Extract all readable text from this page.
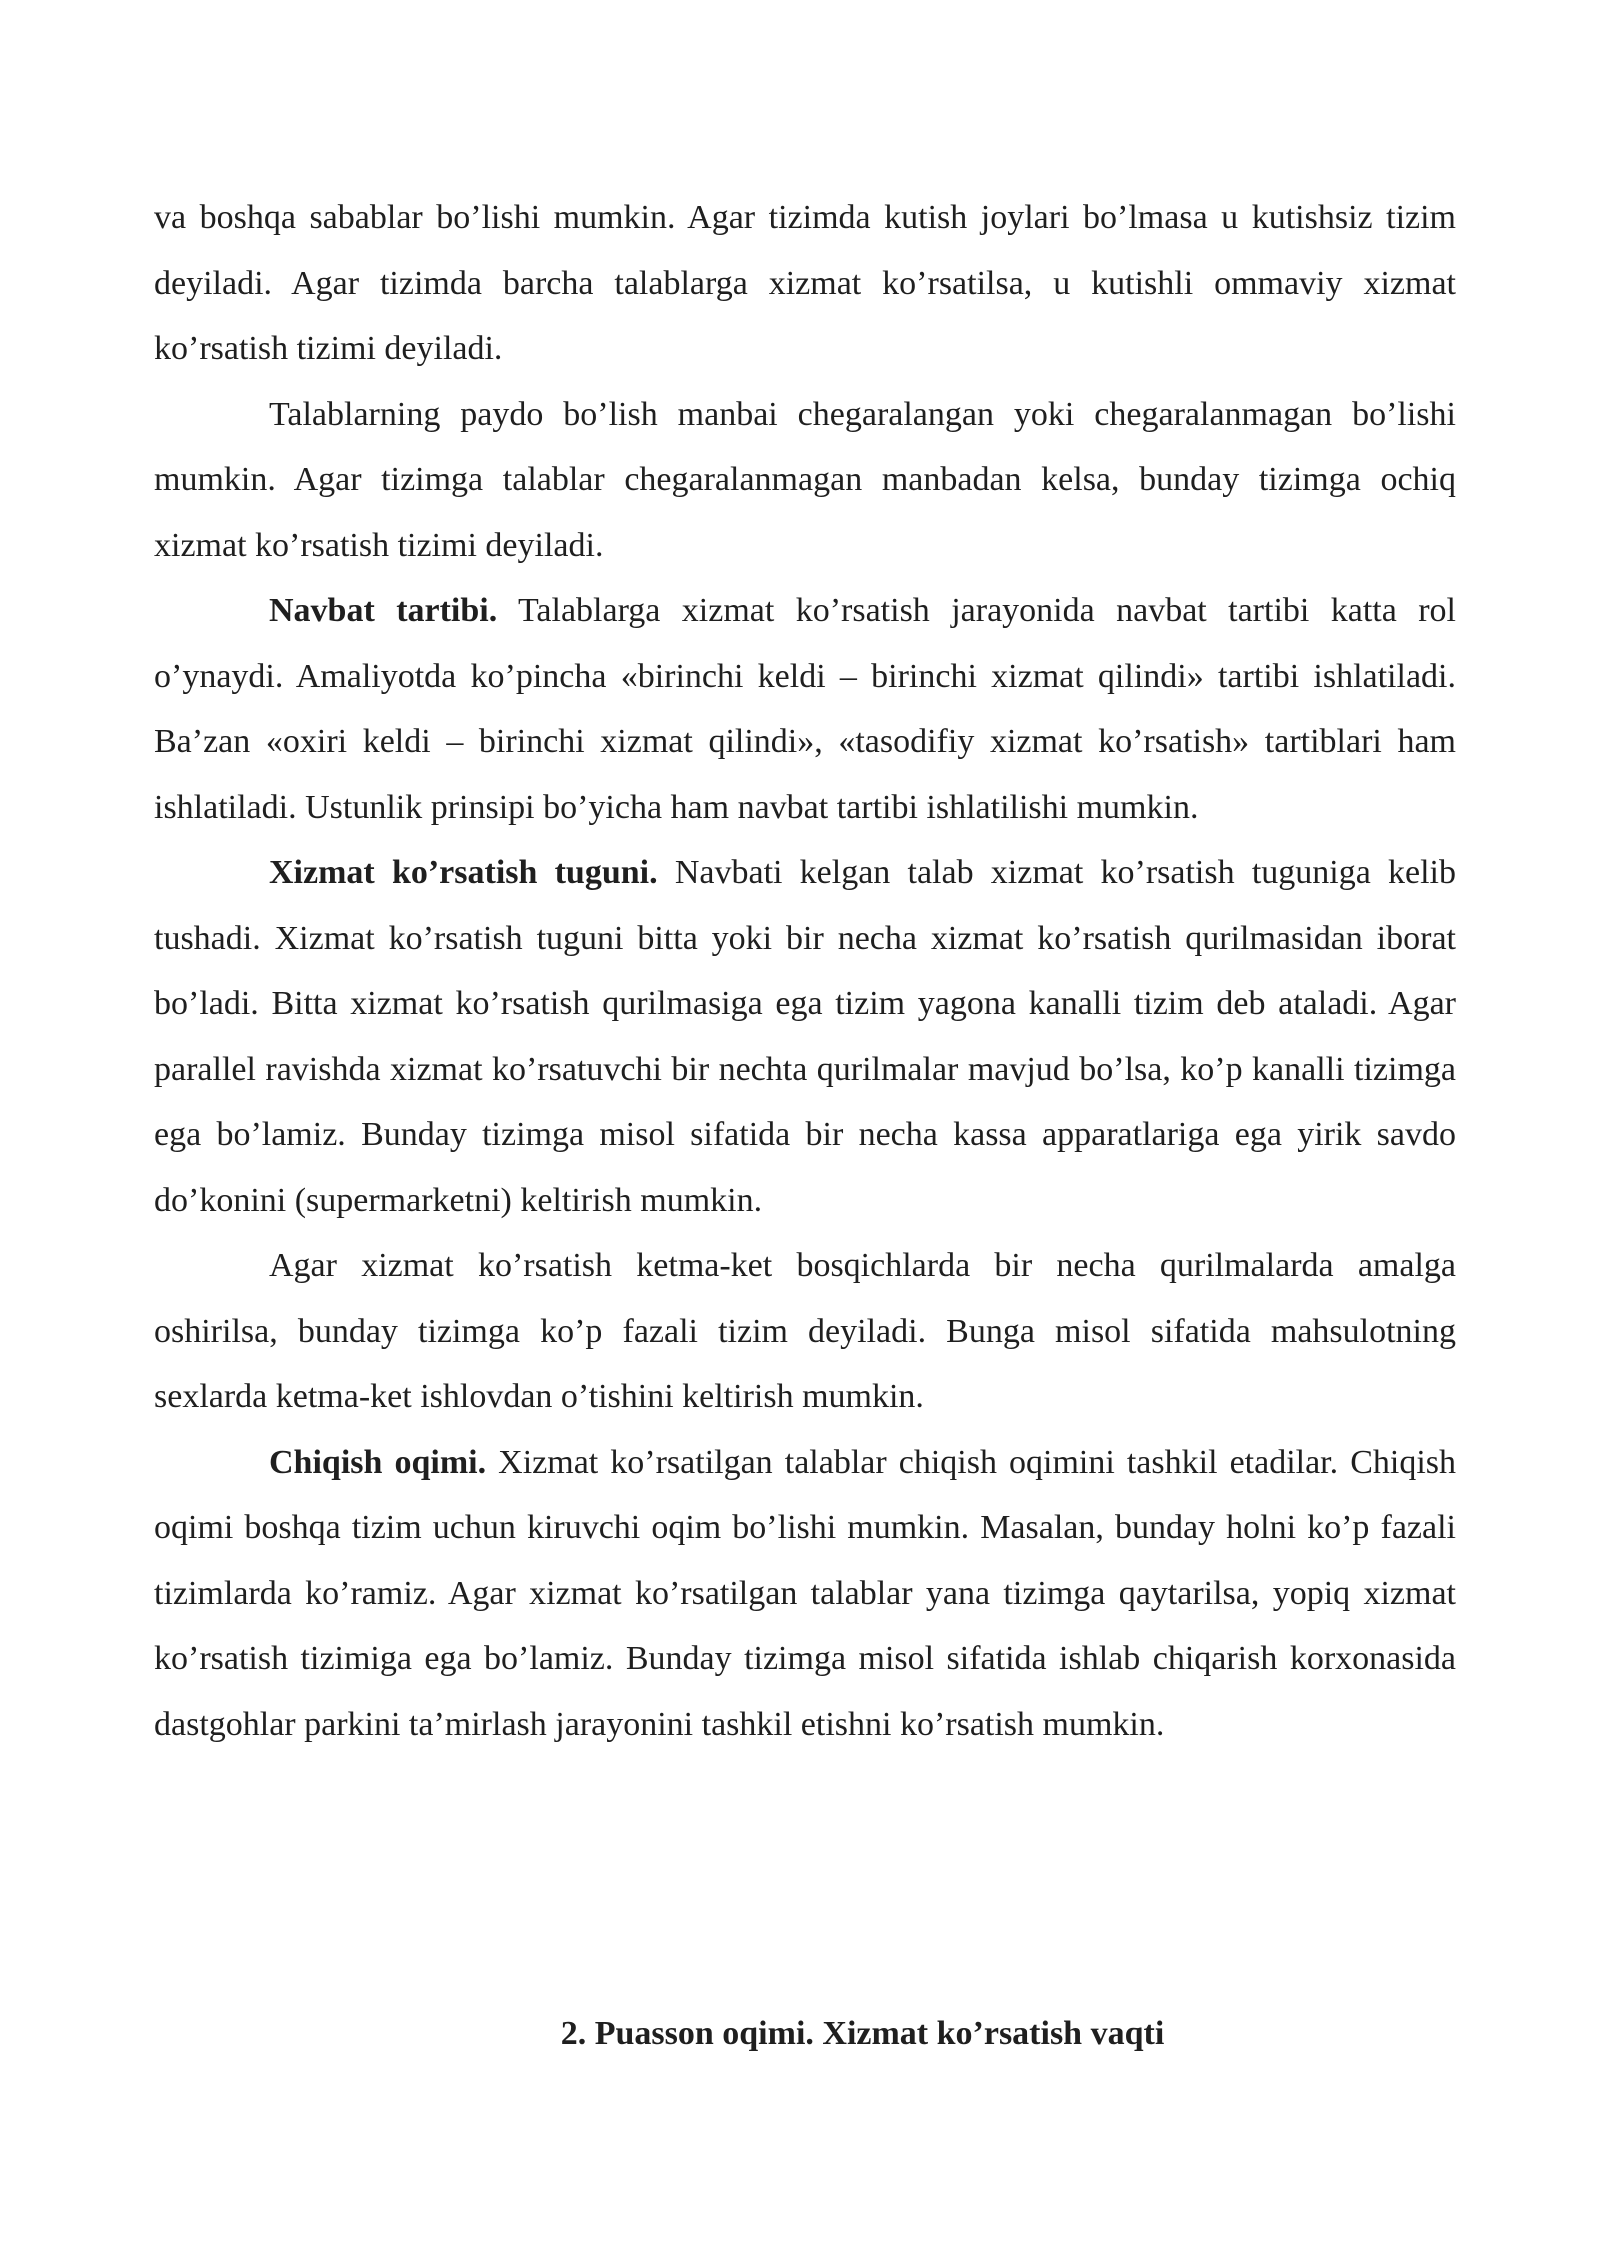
va boshqa sabablar bo’lishi mumkin. Agar tizimda kutish joylari bo’lmasa u kutishsiz tizim deyiladi. Agar tizimda barcha talablarga xizmat ko’rsatilsa, u kutishli ommaviy xizmat ko’rsatish tizimi deyiladi.

Talablarning paydo bo’lish manbai chegaralangan yoki chegaralanmagan bo’lishi mumkin. Agar tizimga talablar chegaralanmagan manbadan kelsa, bunday tizimga ochiq xizmat ko’rsatish tizimi deyiladi.

Navbat tartibi. Talablarga xizmat ko’rsatish jarayonida navbat tartibi katta rol o’ynaydi. Amaliyotda ko’pincha «birinchi keldi – birinchi xizmat qilindi» tartibi ishlatiladi. Ba’zan «oxiri keldi – birinchi xizmat qilindi», «tasodifiy xizmat ko’rsatish» tartiblari ham ishlatiladi. Ustunlik prinsipi bo’yicha ham navbat tartibi ishlatilishi mumkin.

Xizmat ko’rsatish tuguni. Navbati kelgan talab xizmat ko’rsatish tuguniga kelib tushadi. Xizmat ko’rsatish tuguni bitta yoki bir necha xizmat ko’rsatish qurilmasidan iborat bo’ladi. Bitta xizmat ko’rsatish qurilmasiga ega tizim yagona kanalli tizim deb ataladi. Agar parallel ravishda xizmat ko’rsatuvchi bir nechta qurilmalar mavjud bo’lsa, ko’p kanalli tizimga ega bo’lamiz. Bunday tizimga misol sifatida bir necha kassa apparatlariga ega yirik savdo do’konini (supermarketni) keltirish mumkin.

Agar xizmat ko’rsatish ketma-ket bosqichlarda bir necha qurilmalarda amalga oshirilsa, bunday tizimga ko’p fazali tizim deyiladi. Bunga misol sifatida mahsulotning sexlarda ketma-ket ishlovdan o’tishini keltirish mumkin.

Chiqish oqimi. Xizmat ko’rsatilgan talablar chiqish oqimini tashkil etadilar. Chiqish oqimi boshqa tizim uchun kiruvchi oqim bo’lishi mumkin. Masalan, bunday holni ko’p fazali tizimlarda ko’ramiz. Agar xizmat ko’rsatilgan talablar yana tizimga qaytarilsa, yopiq xizmat ko’rsatish tizimiga ega bo’lamiz. Bunday tizimga misol sifatida ishlab chiqarish korxonasida dastgohlar parkini ta’mirlash jarayonini tashkil etishni ko’rsatish mumkin.

2. Puasson oqimi. Xizmat ko’rsatish vaqti
